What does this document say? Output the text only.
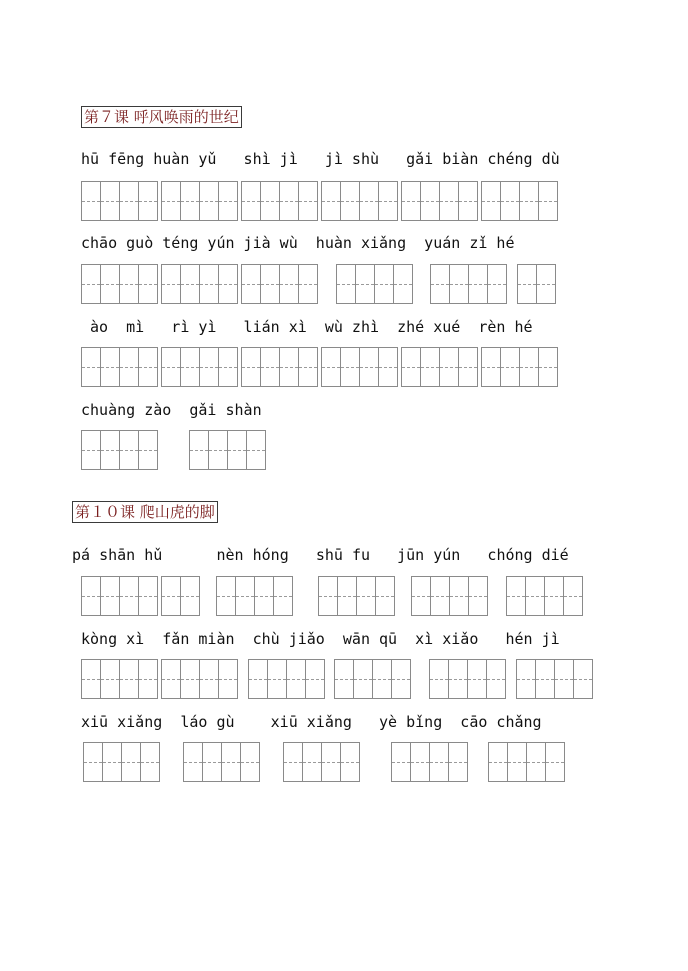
第７课 呼风唤雨的世纪
hū fēng huàn yǔ   shì jì   jì shù   gǎi biàn chéng dù
chāo guò téng yún jià wù  huàn xiǎng  yuán zǐ hé
ào  mì   rì yì   lián xì  wù zhì  zhé xué  rèn hé
chuàng zào  gǎi shàn
第１０课 爬山虎的脚
pá shān hǔ      nèn hóng   shū fu   jūn yún   chóng dié
kòng xì  fǎn miàn  chù jiǎo  wān qū  xì xiǎo   hén jì
xiū xiǎng  láo gù    xiū xiǎng   yè bǐng  cāo chǎng
